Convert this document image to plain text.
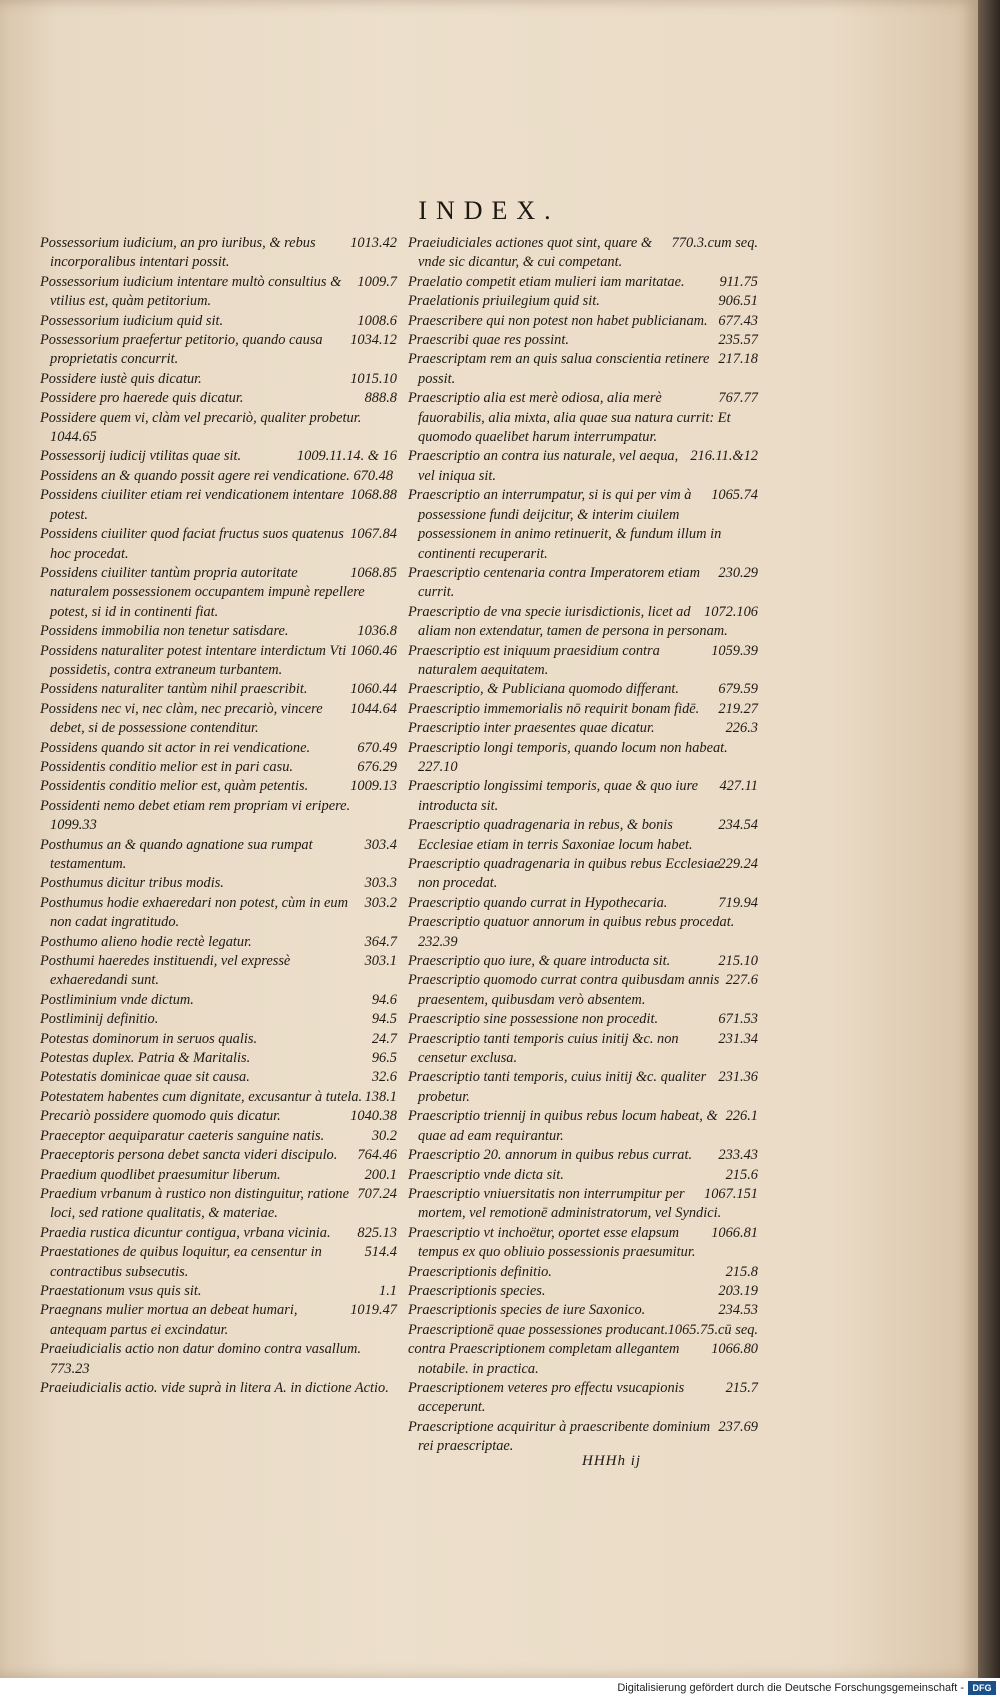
INDEX.
1013.42
Possessorium iudicium, an pro iuribus, & rebus incorporalibus intentari possit.
1009.7
Possessorium iudicium intentare multò consultius & vtilius est, quàm petitorium.
1008.6
Possessorium iudicium quid sit.
1034.12
Possessorium praefertur petitorio, quando causa proprietatis concurrit.
1015.10
Possidere iustè quis dicatur.
888.8
Possidere pro haerede quis dicatur.
Possidere quem vi, clàm vel precariò, qualiter probetur. 1044.65
1009.11.14. & 16
Possessorij iudicij vtilitas quae sit.
Possidens an & quando possit agere rei vendicatione. 670.48
1068.88
Possidens ciuiliter etiam rei vendicationem intentare potest.
1067.84
Possidens ciuiliter quod faciat fructus suos quatenus hoc procedat.
1068.85
Possidens ciuiliter tantùm propria autoritate naturalem possessionem occupantem impunè repellere potest, si id in continenti fiat.
1036.8
Possidens immobilia non tenetur satisdare.
1060.46
Possidens naturaliter potest intentare interdictum Vti possidetis, contra extraneum turbantem.
1060.44
Possidens naturaliter tantùm nihil praescribit.
1044.64
Possidens nec vi, nec clàm, nec precariò, vincere debet, si de possessione contenditur.
670.49
Possidens quando sit actor in rei vendicatione.
676.29
Possidentis conditio melior est in pari casu.
1009.13
Possidentis conditio melior est, quàm petentis.
Possidenti nemo debet etiam rem propriam vi eripere. 1099.33
303.4
Posthumus an & quando agnatione sua rumpat testamentum.
303.3
Posthumus dicitur tribus modis.
303.2
Posthumus hodie exhaeredari non potest, cùm in eum non cadat ingratitudo.
364.7
Posthumo alieno hodie rectè legatur.
303.1
Posthumi haeredes instituendi, vel expressè exhaeredandi sunt.
94.6
Postliminium vnde dictum.
94.5
Postliminij definitio.
24.7
Potestas dominorum in seruos qualis.
96.5
Potestas duplex. Patria & Maritalis.
32.6
Potestatis dominicae quae sit causa.
138.1
Potestatem habentes cum dignitate, excusantur à tutela.
1040.38
Precariò possidere quomodo quis dicatur.
30.2
Praeceptor aequiparatur caeteris sanguine natis.
764.46
Praeceptoris persona debet sancta videri discipulo.
200.1
Praedium quodlibet praesumitur liberum.
707.24
Praedium vrbanum à rustico non distinguitur, ratione loci, sed ratione qualitatis, & materiae.
825.13
Praedia rustica dicuntur contigua, vrbana vicinia.
514.4
Praestationes de quibus loquitur, ea censentur in contractibus subsecutis.
1.1
Praestationum vsus quis sit.
1019.47
Praegnans mulier mortua an debeat humari, antequam partus ei excindatur.
Praeiudicialis actio non datur domino contra vasallum. 773.23
Praeiudicialis actio. vide suprà in litera A. in dictione Actio.
770.3.cum seq.
Praeiudiciales actiones quot sint, quare & vnde sic dicantur, & cui competant.
911.75
Praelatio competit etiam mulieri iam maritatae.
906.51
Praelationis priuilegium quid sit.
677.43
Praescribere qui non potest non habet publicianam.
235.57
Praescribi quae res possint.
217.18
Praescriptam rem an quis salua conscientia retinere possit.
767.77
Praescriptio alia est merè odiosa, alia merè fauorabilis, alia mixta, alia quae sua natura currit: Et quomodo quaelibet harum interrumpatur.
216.11.&12
Praescriptio an contra ius naturale, vel aequa, vel iniqua sit.
1065.74
Praescriptio an interrumpatur, si is qui per vim à possessione fundi deijcitur, & interim ciuilem possessionem in animo retinuerit, & fundum illum in continenti recuperarit.
230.29
Praescriptio centenaria contra Imperatorem etiam currit.
1072.106
Praescriptio de vna specie iurisdictionis, licet ad aliam non extendatur, tamen de persona in personam.
1059.39
Praescriptio est iniquum praesidium contra naturalem aequitatem.
679.59
Praescriptio, & Publiciana quomodo differant.
219.27
Praescriptio immemorialis nō requirit bonam fidē.
226.3
Praescriptio inter praesentes quae dicatur.
Praescriptio longi temporis, quando locum non habeat. 227.10
427.11
Praescriptio longissimi temporis, quae & quo iure introducta sit.
234.54
Praescriptio quadragenaria in rebus, & bonis Ecclesiae etiam in terris Saxoniae locum habet.
229.24
Praescriptio quadragenaria in quibus rebus Ecclesiae non procedat.
719.94
Praescriptio quando currat in Hypothecaria.
Praescriptio quatuor annorum in quibus rebus procedat. 232.39
215.10
Praescriptio quo iure, & quare introducta sit.
227.6
Praescriptio quomodo currat contra quibusdam annis praesentem, quibusdam verò absentem.
671.53
Praescriptio sine possessione non procedit.
231.34
Praescriptio tanti temporis cuius initij &c. non censetur exclusa.
231.36
Praescriptio tanti temporis, cuius initij &c. qualiter probetur.
226.1
Praescriptio triennij in quibus rebus locum habeat, & quae ad eam requirantur.
233.43
Praescriptio 20. annorum in quibus rebus currat.
215.6
Praescriptio vnde dicta sit.
1067.151
Praescriptio vniuersitatis non interrumpitur per mortem, vel remotionē administratorum, vel Syndici.
1066.81
Praescriptio vt inchoëtur, oportet esse elapsum tempus ex quo obliuio possessionis praesumitur.
215.8
Praescriptionis definitio.
203.19
Praescriptionis species.
234.53
Praescriptionis species de iure Saxonico.
1065.75.cū seq.
Praescriptionē quae possessiones producant.
1066.80
contra Praescriptionem completam allegantem notabile. in practica.
215.7
Praescriptionem veteres pro effectu vsucapionis acceperunt.
237.69
Praescriptione acquiritur à praescribente dominium rei praescriptae.
HHHh ij
Digitalisierung gefördert durch die Deutsche Forschungsgemeinschaft - DFG
